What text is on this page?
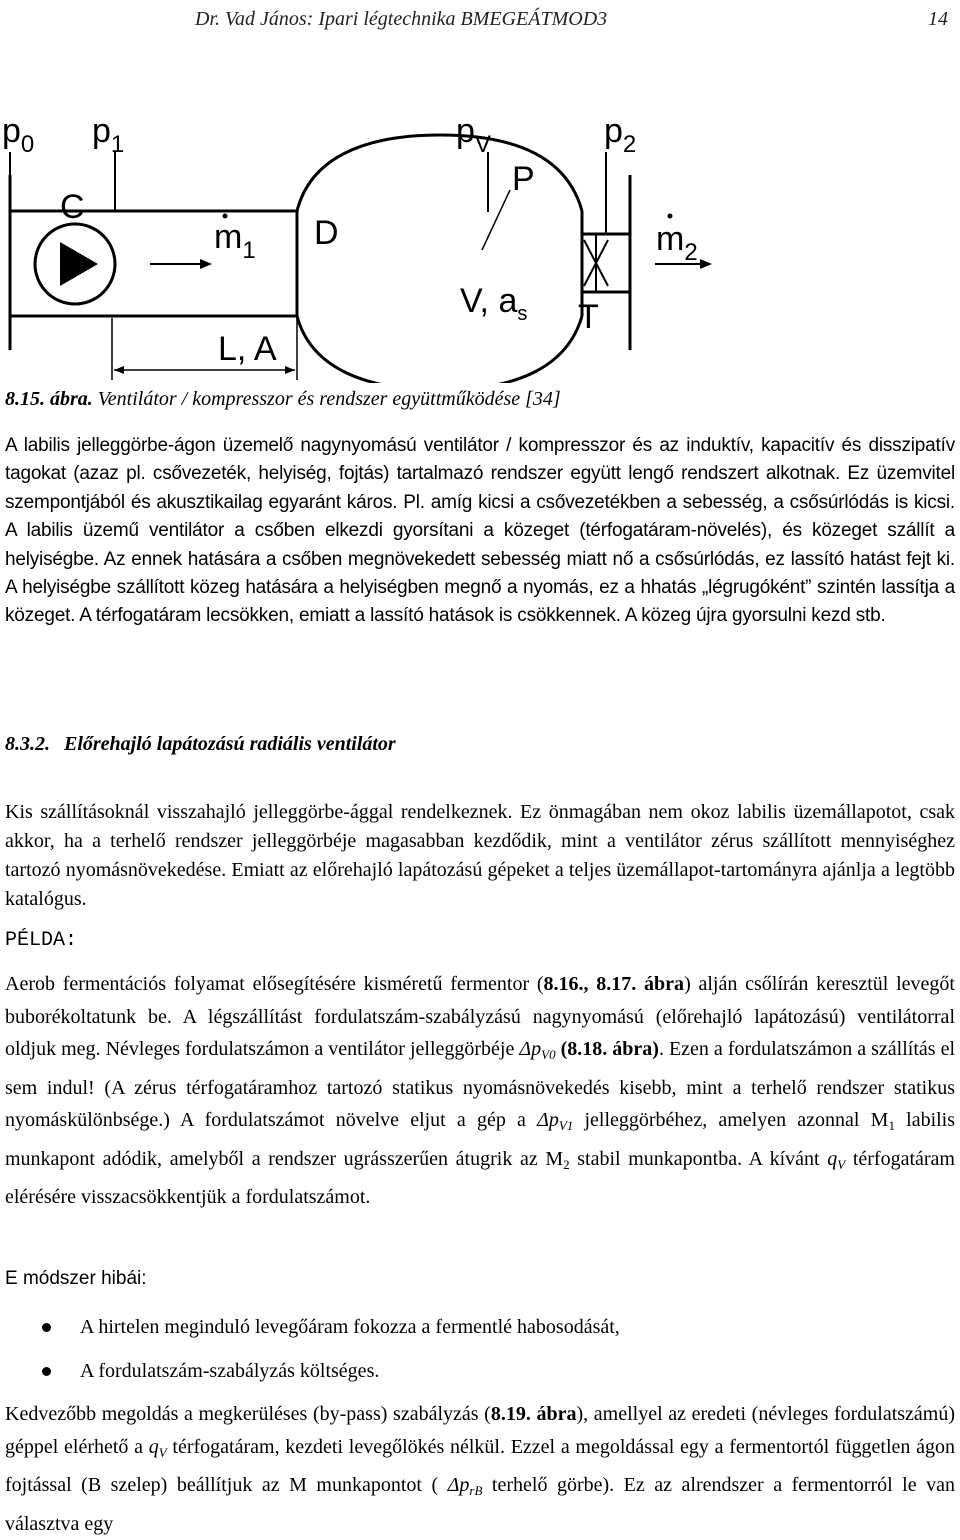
Dr. Vad János: Ipari légtechnika BMEGEÁTMOD3	14
$p_0$ $p_1$	$p_V$	$p_2$
C
P
$m_1$ D	$m_2$
V, $a_s$ T
L, A
8.15. ábra. Ventilátor / kompresszor és rendszer együttműködése [34]
A labilis jelleggörbe-ágon üzemelő nagynyomású ventilátor / kompresszor és az induktív, kapacitív és disszipatív tagokat (azaz pl. csővezeték, helyiség, fojtás) tartalmazó rendszer együtt lengő rendszert alkotnak. Ez üzemvitel szempontjából és akusztikailag egyaránt káros. Pl. amíg kicsi a csővezetékben a sebesség, a csősúrlódás is kicsi. A labilis üzemű ventilátor a csőben elkezdi gyorsítani a közeget (térfogatáram-növelés), és közeget szállít a helyiségbe. Az ennek hatására a csőben megnövekedett sebesség miatt nő a csősúrlódás, ez lassító hatást fejt ki. A helyiségbe szállított közeg hatására a helyiségben megnő a nyomás, ez a hhatás „légrugóként” szintén lassítja a közeget. A térfogatáram lecsökken, emiatt a lassító hatások is csökkennek. A közeg újra gyorsulni kezd stb.
8.3.2. Előrehajló lapátozású radiális ventilátor
Kis szállításoknál visszahajló jelleggörbe-ággal rendelkeznek. Ez önmagában nem okoz labilis üzemállapotot, csak akkor, ha a terhelő rendszer jelleggörbéje magasabban kezdődik, mint a ventilátor zérus szállított mennyiséghez tartozó nyomásnövekedése. Emiatt az előrehajló lapátozású gépeket a teljes üzemállapot-tartományra ajánlja a legtöbb katalógus.
PÉLDA:
Aerob fermentációs folyamat elősegítésére kisméretű fermentor (8.16., 8.17. ábra) alján csőlírán keresztül levegőt buborékoltatunk be. A légszállítást fordulatszám-szabályzású nagynyomású (előrehajló lapátozású) ventilátorral oldjuk meg. Névleges fordulatszámon a ventilátor jelleggörbéje $\Delta p_{V0}$ (8.18. ábra). Ezen a fordulatszámon a szállítás el sem indul! (A zérus térfogatáramhoz tartozó statikus nyomásnövekedés kisebb, mint a terhelő rendszer statikus nyomáskülönbsége.) A fordulatszámot növelve eljut a gép a $\Delta p_{V1}$ jelleggörbéhez, amelyen azonnal $M_1$ labilis munkapont adódik, amelyből a rendszer ugrásszerűen átugrik az $M_2$ stabil munkapontba. A kívánt $q_V$ térfogatáram elérésére visszacsökkentjük a fordulatszámot.
E módszer hibái:
A hirtelen meginduló levegőáram fokozza a fermentlé habosodását,
A fordulatszám-szabályzás költséges.
Kedvezőbb megoldás a megkerüléses (by-pass) szabályzás (8.19. ábra), amellyel az eredeti (névleges fordulatszámú) géppel elérhető a $q_V$ térfogatáram, kezdeti levegőlökés nélkül. Ezzel a megoldással egy a fermentortól független ágon fojtással (B szelep) beállítjuk az M munkapontot ( $\Delta p_{rB}$ terhelő görbe). Ez az alrendszer a fermentorról le van választva egy
